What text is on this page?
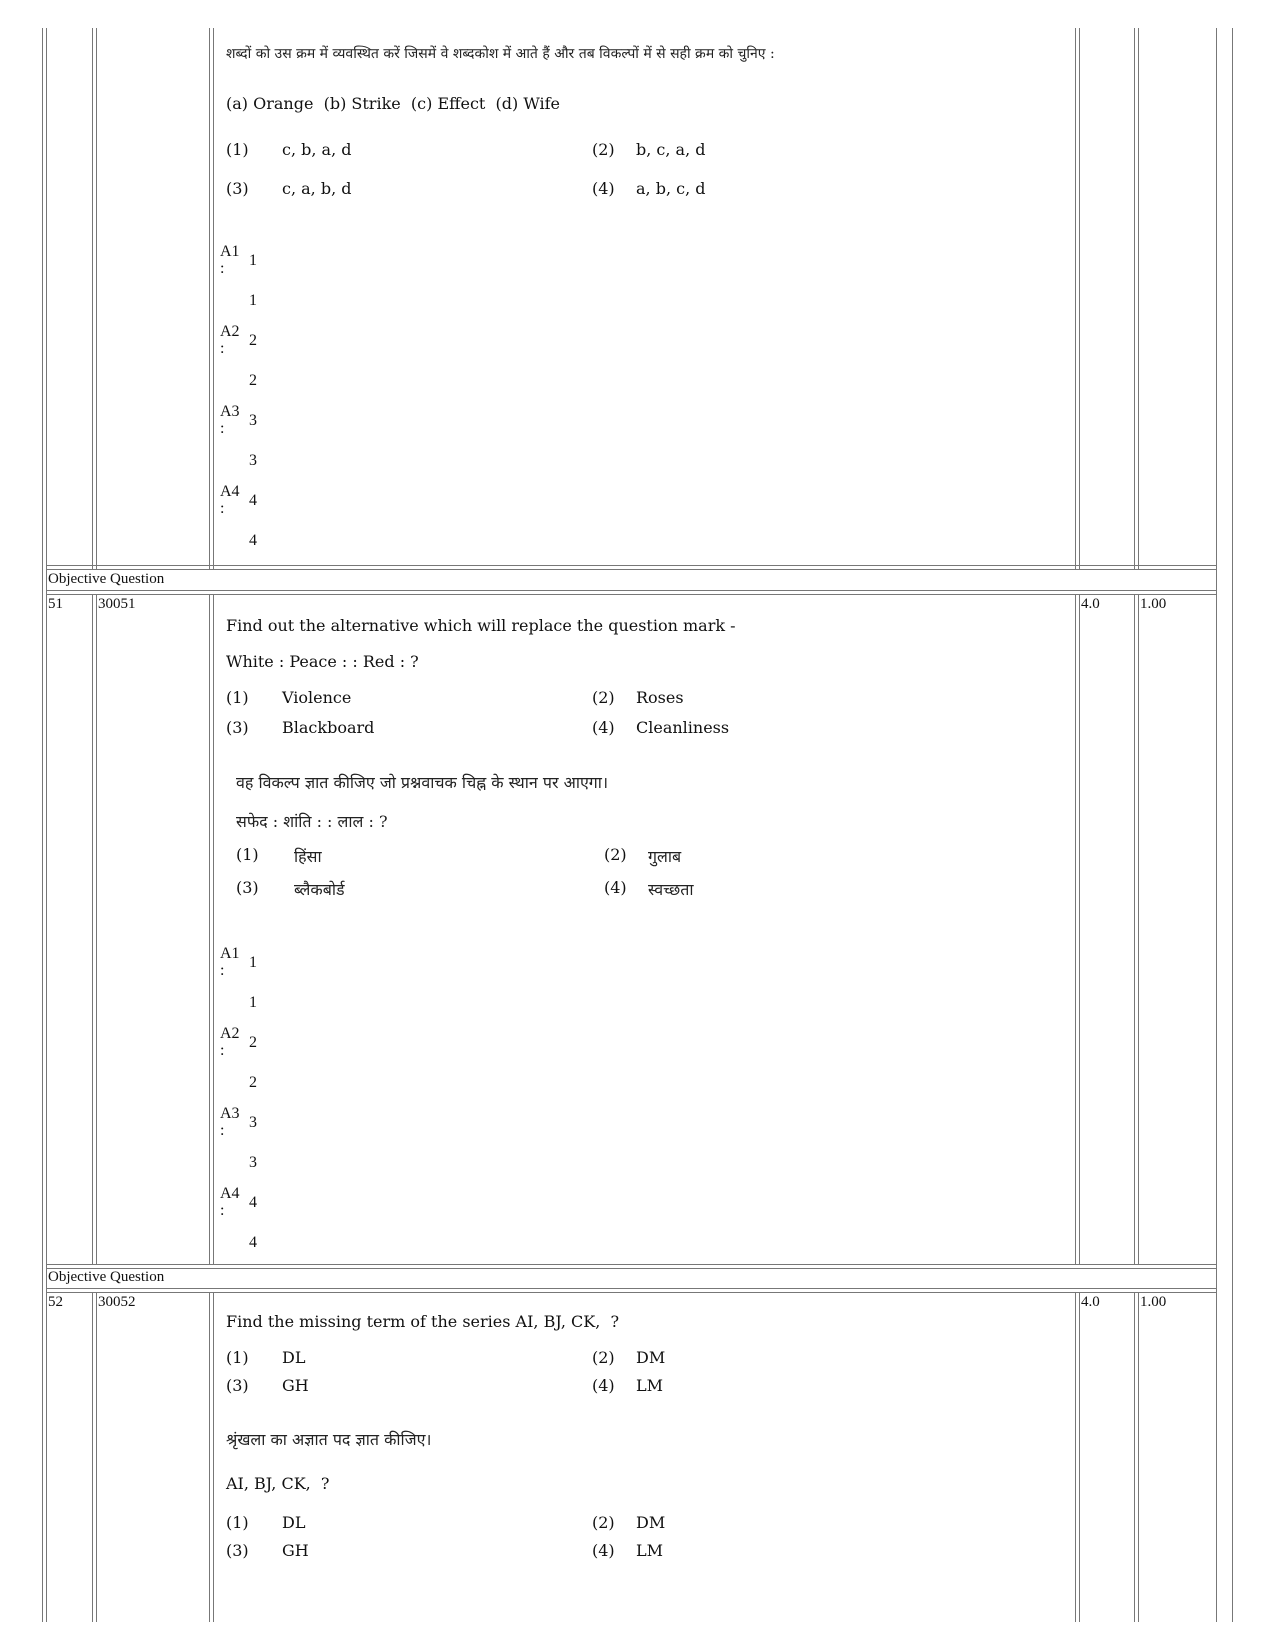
शब्दों को उस क्रम में व्यवस्थित करें जिसमें वे शब्दकोश में आते हैं और तब विकल्पों में से सही क्रम को चुनिए :
(a) Orange  (b) Strike  (c) Effect  (d) Wife
(1) c, b, a, d	(2) b, c, a, d
(3) c, a, b, d	(4) a, b, c, d
A1
: 1
1
A2
: 2
2
A3
: 3
3
A4
: 4
4
Objective Question
51 30051	4.0	1.00
Find out the alternative which will replace the question mark -
White : Peace : : Red : ?
(1) Violence	(2) Roses
(3) Blackboard	(4) Cleanliness
वह विकल्प ज्ञात कीजिए जो प्रश्नवाचक चिह्न के स्थान पर आएगा।
सफेद : शांति : : लाल : ?
(1) हिंसा	(2) गुलाब
(3) ब्लैकबोर्ड	(4) स्वच्छता
A1
: 1
1
A2
: 2
2
A3
: 3
3
A4
: 4
4
Objective Question
52 30052	4.0	1.00
Find the missing term of the series AI, BJ, CK,  ?
(1) DL	(2) DM
(3) GH	(4) LM
श्रृंखला का अज्ञात पद ज्ञात कीजिए।
AI, BJ, CK,  ?
(1) DL	(2) DM
(3) GH	(4) LM
